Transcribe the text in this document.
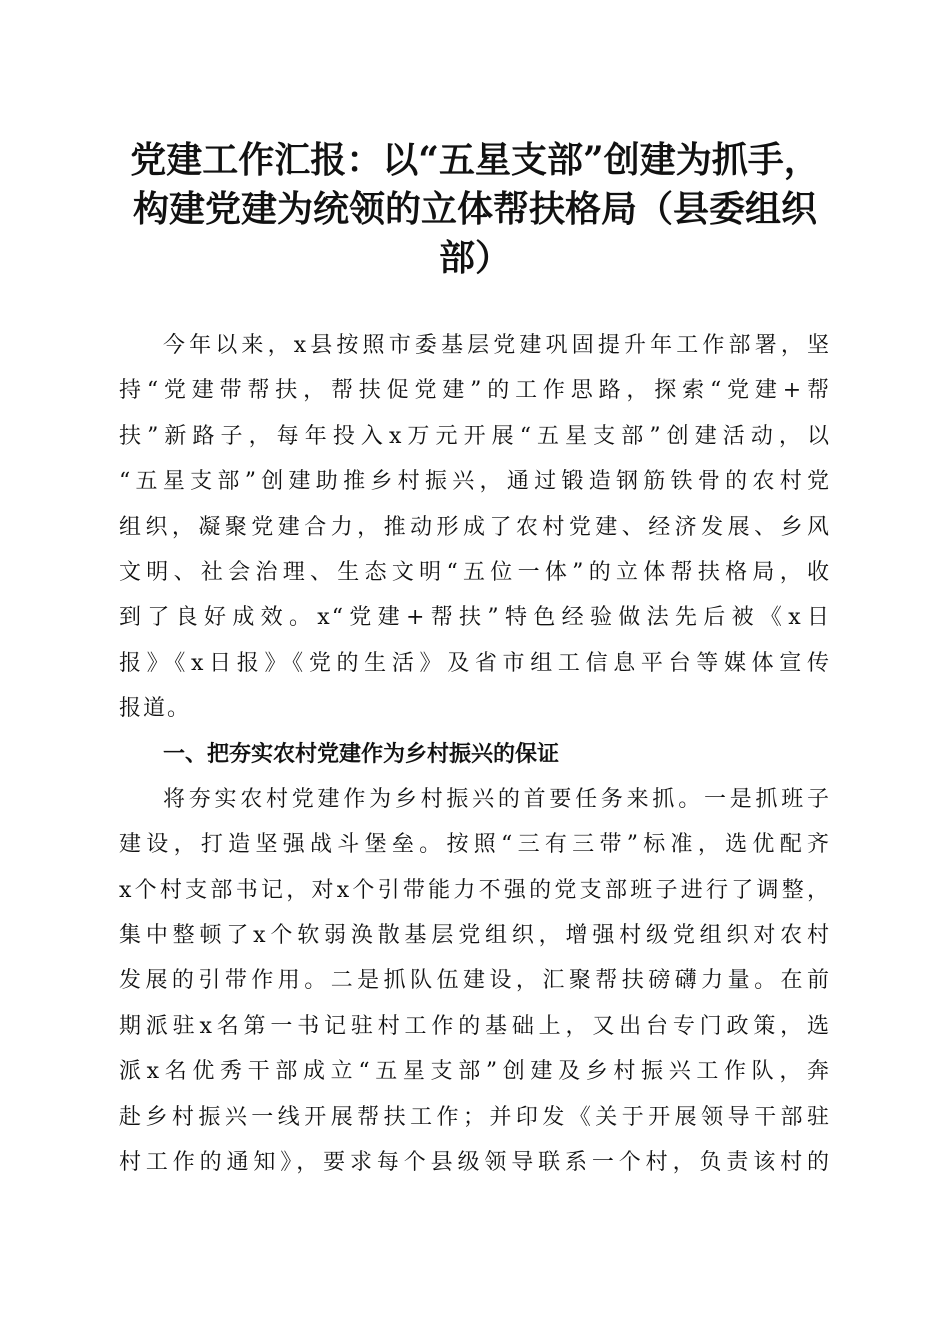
党建工作汇报：以“五星支部”创建为抓手，
构建党建为统领的立体帮扶格局（县委组织
部）
今年以来，x县按照市委基层党建巩固提升年工作部署，坚
持“党建带帮扶，帮扶促党建”的工作思路，探索“党建+帮
扶”新路子，每年投入x万元开展“五星支部”创建活动，以
“五星支部”创建助推乡村振兴，通过锻造钢筋铁骨的农村党
组织，凝聚党建合力，推动形成了农村党建、经济发展、乡风
文明、社会治理、生态文明“五位一体”的立体帮扶格局，收
到了良好成效。x“党建+帮扶”特色经验做法先后被《x日
报》《x日报》《党的生活》及省市组工信息平台等媒体宣传
报道。
一、把夯实农村党建作为乡村振兴的保证
将夯实农村党建作为乡村振兴的首要任务来抓。一是抓班子
建设，打造坚强战斗堡垒。按照“三有三带”标准，选优配齐
x个村支部书记，对x个引带能力不强的党支部班子进行了调整，
集中整顿了x个软弱涣散基层党组织，增强村级党组织对农村
发展的引带作用。二是抓队伍建设，汇聚帮扶磅礴力量。在前
期派驻x名第一书记驻村工作的基础上，又出台专门政策，选
派x名优秀干部成立“五星支部”创建及乡村振兴工作队，奔
赴乡村振兴一线开展帮扶工作；并印发《关于开展领导干部驻
村工作的通知》，要求每个县级领导联系一个村，负责该村的
